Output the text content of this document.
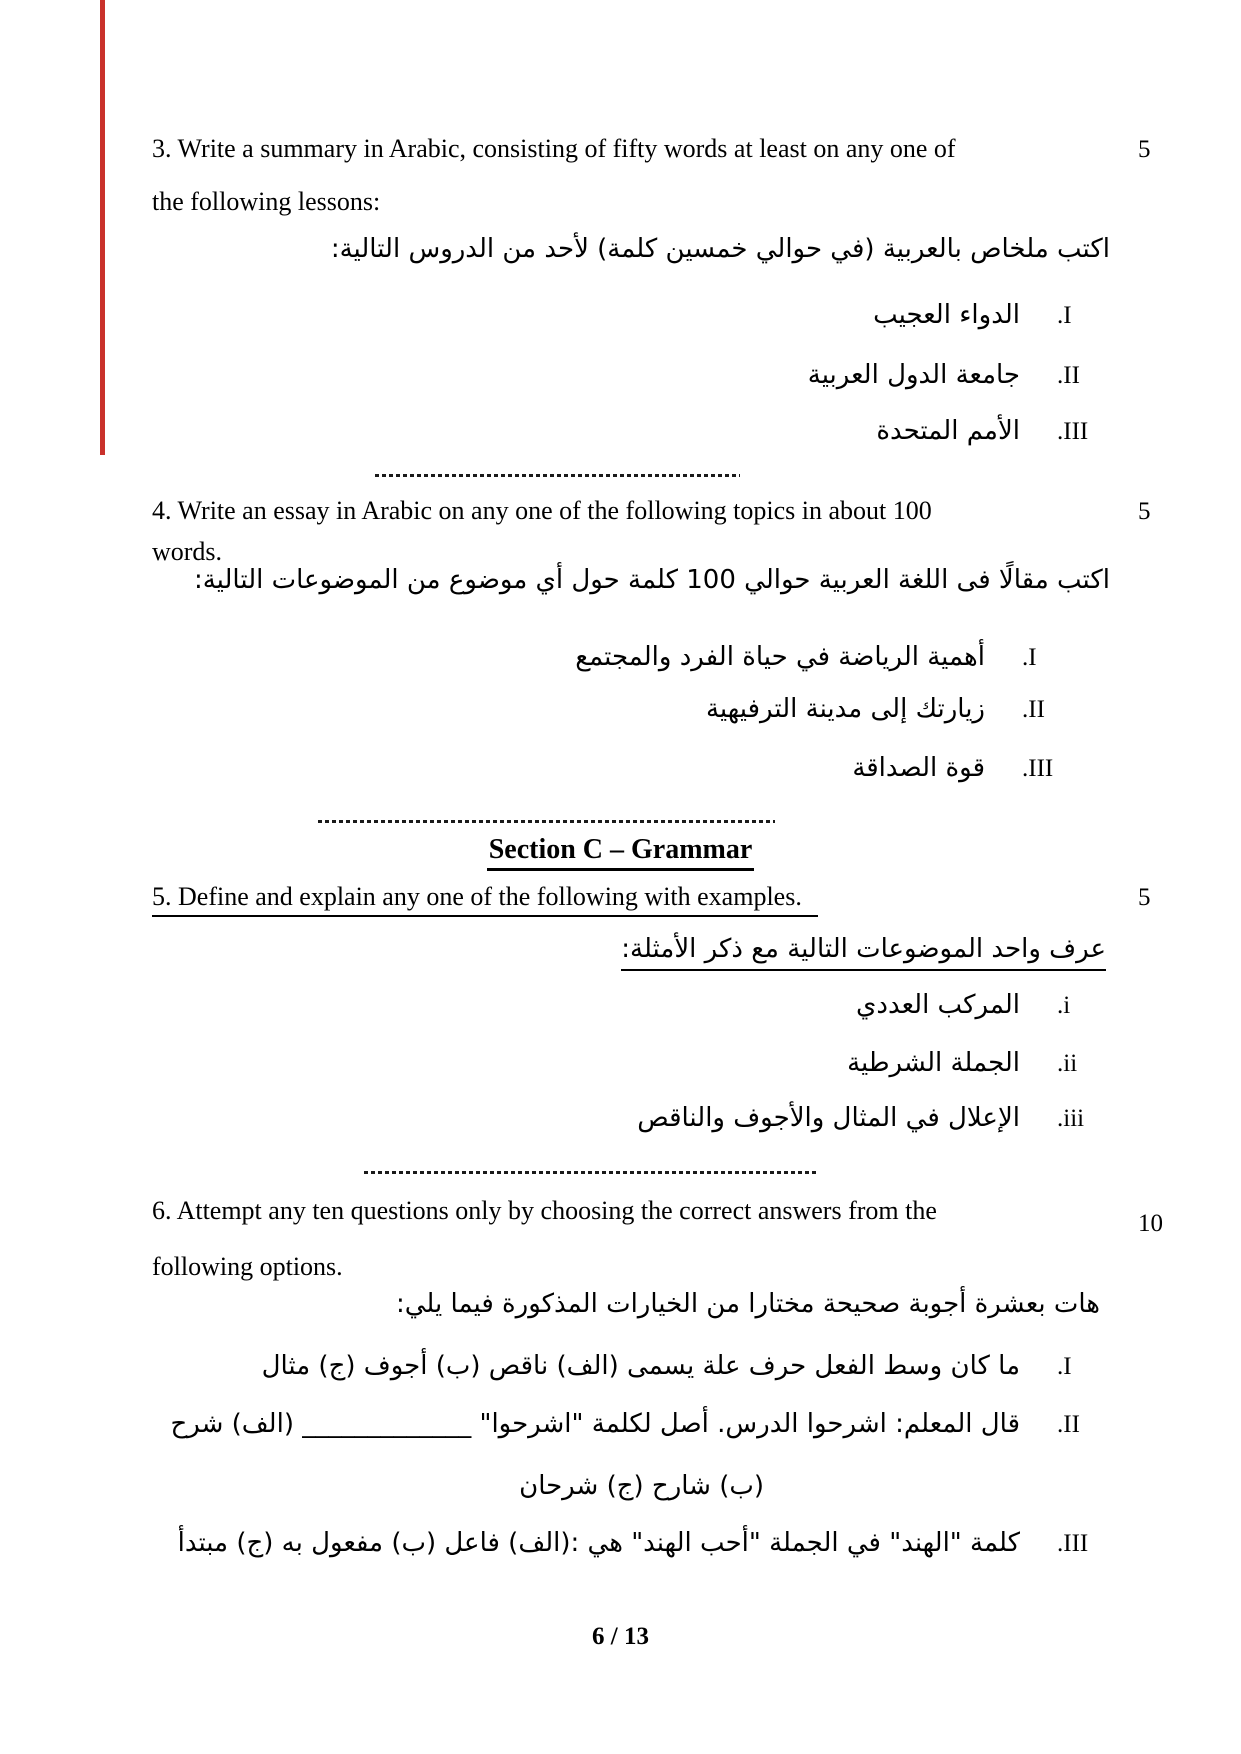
3. Write a summary in Arabic, consisting of fifty words at least on any one of	5
the following lessons:
اكتب ملخاص بالعربية (في حوالي خمسين كلمة) لأحد من الدروس التالية:
I.الدواء العجيب
II.جامعة الدول العربية
III.الأمم المتحدة
4. Write an essay in Arabic on any one of the following topics in about 100	5
words.
اكتب مقالًا فى اللغة العربية حوالي 100 كلمة حول أي موضوع من الموضوعات التالية:
I.أهمية الرياضة في حياة الفرد والمجتمع
II.زيارتك إلى مدينة الترفيهية
III.قوة الصداقة
Section C – Grammar
5. Define and explain any one of the following with examples.	5
عرف واحد الموضوعات التالية مع ذكر الأمثلة:
i.المركب العددي
ii.الجملة الشرطية
iii.الإعلال في المثال والأجوف والناقص
6. Attempt any ten questions only by choosing the correct answers from the	10
following options.
هات بعشرة أجوبة صحيحة مختارا من الخيارات المذكورة فيما يلي:
I.ما كان وسط الفعل حرف علة يسمى (الف) ناقص (ب) أجوف (ج) مثال
II.قال المعلم: اشرحوا الدرس. أصل لكلمة "اشرحوا" _____________ (الف) شرح
(ب) شارح (ج) شرحان
III.كلمة "الهند" في الجملة "أحب الهند" هي :(الف) فاعل (ب) مفعول به (ج) مبتدأ
6 / 13
